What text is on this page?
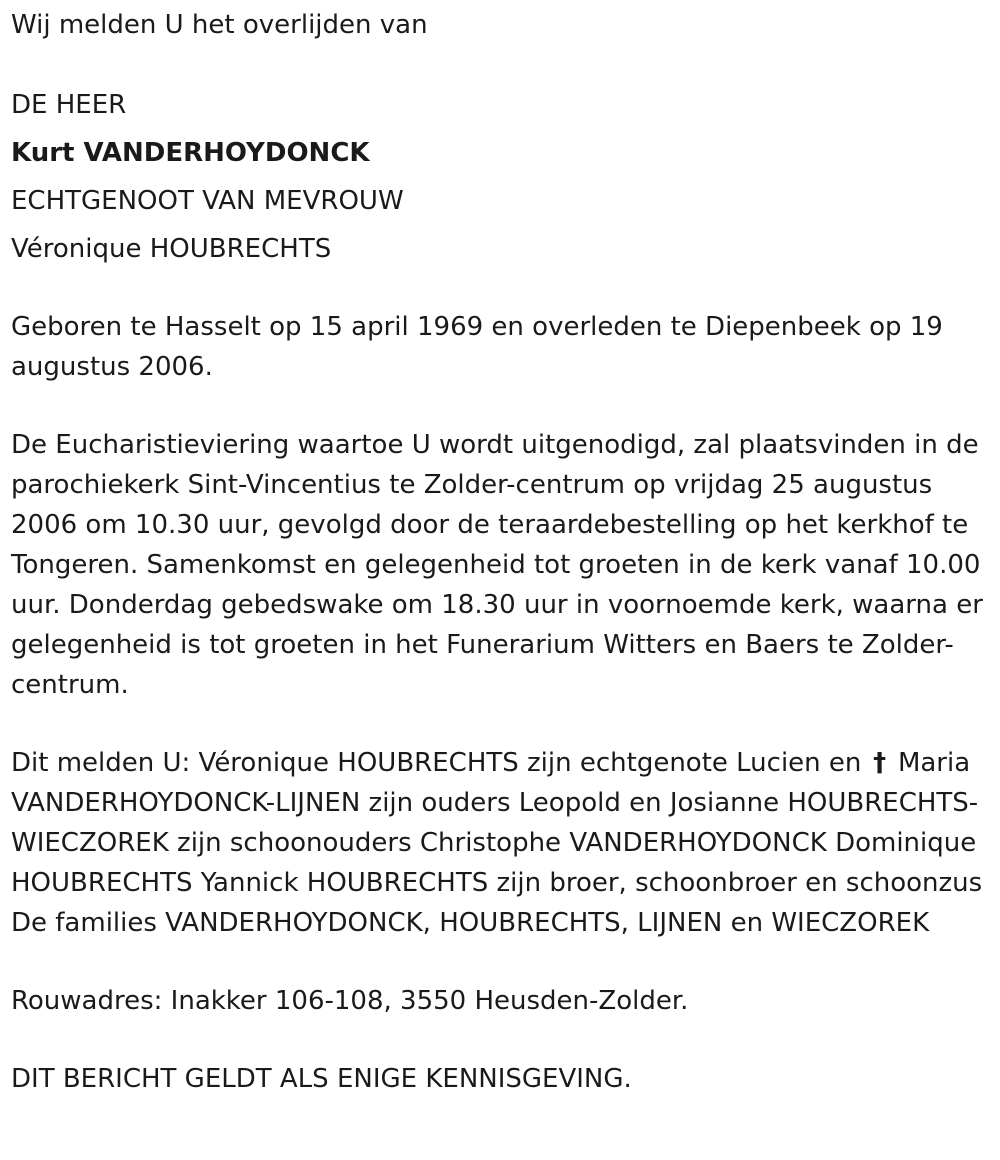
Wij melden U het overlijden van
DE HEER
Kurt VANDERHOYDONCK
ECHTGENOOT VAN MEVROUW
Véronique HOUBRECHTS
Geboren te Hasselt op 15 april 1969 en overleden te Diepenbeek op 19 augustus 2006.
De Eucharistieviering waartoe U wordt uitgenodigd, zal plaatsvinden in de parochiekerk Sint-Vincentius te Zolder-centrum op vrijdag 25 augustus 2006 om 10.30 uur, gevolgd door de teraardebestelling op het kerkhof te Tongeren. Samenkomst en gelegenheid tot groeten in de kerk vanaf 10.00 uur. Donderdag gebedswake om 18.30 uur in voornoemde kerk, waarna er gelegenheid is tot groeten in het Funerarium Witters en Baers te Zolder-centrum.
Dit melden U: Véronique HOUBRECHTS zijn echtgenote Lucien en † Maria VANDERHOYDONCK-LIJNEN zijn ouders Leopold en Josianne HOUBRECHTS-WIECZOREK zijn schoonouders Christophe VANDERHOYDONCK Dominique HOUBRECHTS Yannick HOUBRECHTS zijn broer, schoonbroer en schoonzus De families VANDERHOYDONCK, HOUBRECHTS, LIJNEN en WIECZOREK
Rouwadres: Inakker 106-108, 3550 Heusden-Zolder.
DIT BERICHT GELDT ALS ENIGE KENNISGEVING.
